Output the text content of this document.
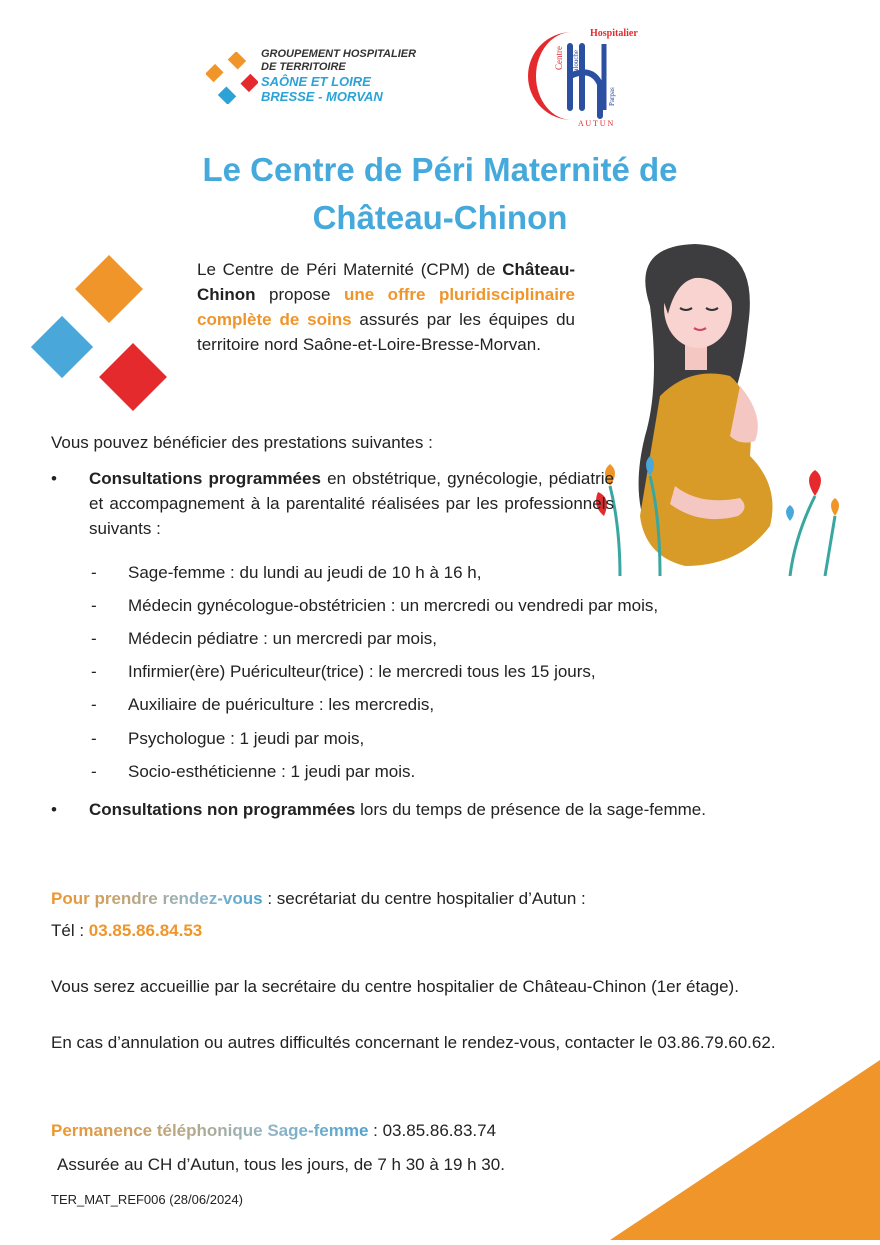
GROUPEMENT HOSPITALIER
DE TERRITOIRE
SAÔNE ET LOIRE
BRESSE - MORVAN
Centre
Hospitalier
Lalouche
Parpas
A U T U N
Le Centre de Péri Maternité de
Château-Chinon
Le Centre de Péri Maternité (CPM) de Château-Chinon propose une offre pluridisciplinaire complète de soins assurés par les équipes du territoire nord Saône-et-Loire-Bresse-Morvan.
Vous pouvez bénéficier des prestations suivantes :
• Consultations programmées en obstétrique, gynécologie, pédiatrie et accompagnement à la parentalité réalisées par les professionnels suivants :
- Sage-femme : du lundi au jeudi de 10 h à 16 h,
- Médecin gynécologue-obstétricien : un mercredi ou vendredi par mois,
- Médecin pédiatre : un mercredi par mois,
- Infirmier(ère) Puériculteur(trice) : le mercredi tous les 15 jours,
- Auxiliaire de puériculture : les mercredis,
- Psychologue : 1 jeudi par mois,
- Socio-esthéticienne : 1 jeudi par mois.
• Consultations non programmées lors du temps de présence de la sage-femme.
Pour prendre rendez-vous : secrétariat du centre hospitalier d’Autun :
Tél : 03.85.86.84.53
Vous serez accueillie par la secrétaire du centre hospitalier de Château-Chinon (1er étage).
En cas d’annulation ou autres difficultés concernant le rendez-vous, contacter le 03.86.79.60.62.
Permanence téléphonique Sage-femme : 03.85.86.83.74
Assurée au CH d’Autun, tous les jours, de 7 h 30 à 19 h 30.
TER_MAT_REF006 (28/06/2024)
